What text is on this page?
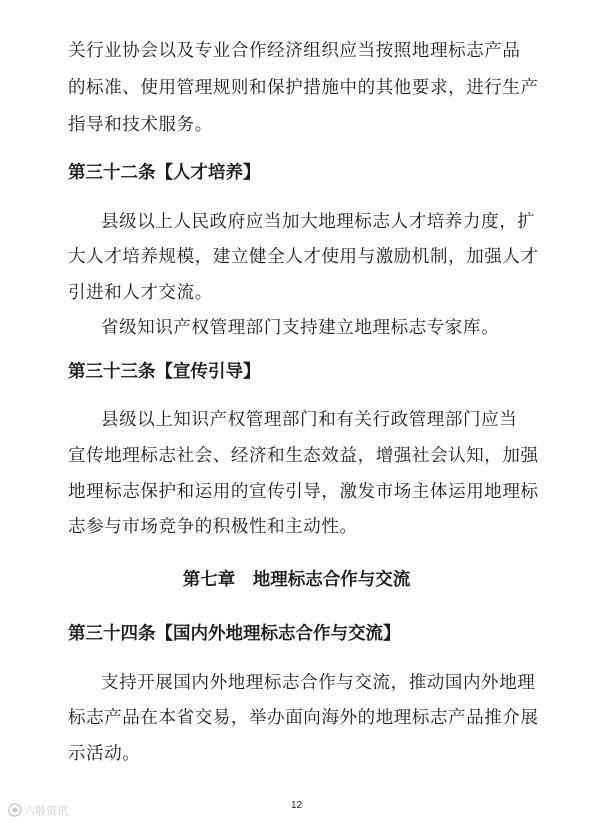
关行业协会以及专业合作经济组织应当按照地理标志产品
的标准、使用管理规则和保护措施中的其他要求，进行生产
指导和技术服务。
第三十二条【人才培养】
县级以上人民政府应当加大地理标志人才培养力度，扩
大人才培养规模，建立健全人才使用与激励机制，加强人才
引进和人才交流。
省级知识产权管理部门支持建立地理标志专家库。
第三十三条【宣传引导】
县级以上知识产权管理部门和有关行政管理部门应当
宣传地理标志社会、经济和生态效益，增强社会认知，加强
地理标志保护和运用的宣传引导，激发市场主体运用地理标
志参与市场竞争的积极性和主动性。
第七章　地理标志合作与交流
第三十四条【国内外地理标志合作与交流】
支持开展国内外地理标志合作与交流，推动国内外地理
标志产品在本省交易，举办面向海外的地理标志产品推介展
示活动。
12
六般资讯
